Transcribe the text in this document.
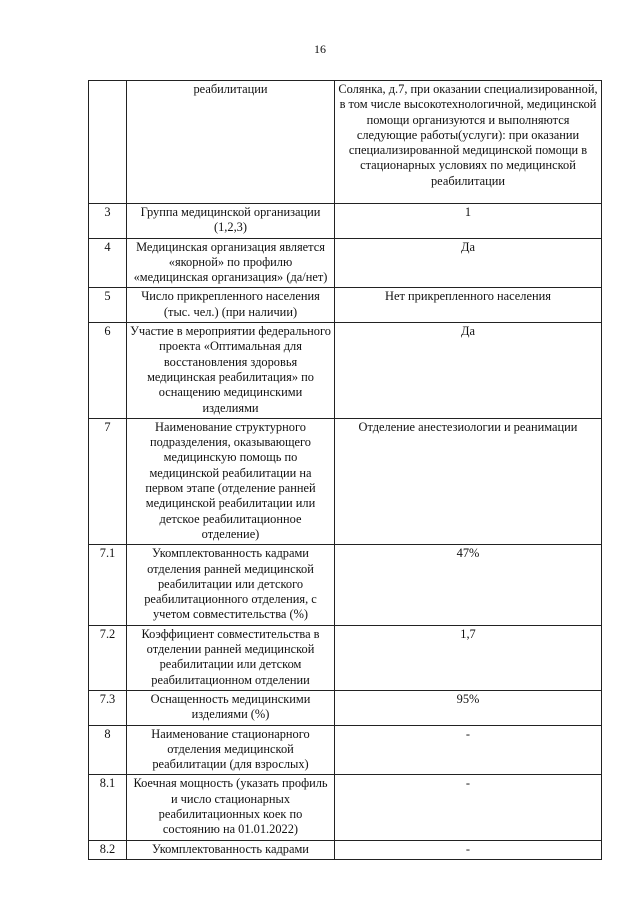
16
	реабилитации	Солянка, д.7, при оказании специализированной, в том числе высокотехнологичной, медицинской помощи организуются и выполняются следующие работы(услуги): при оказании специализированной медицинской помощи в стационарных условиях по медицинской реабилитации
3	Группа медицинской организации (1,2,3)	1
4	Медицинская организация является «якорной» по профилю «медицинская организация» (да/нет)	Да
5	Число прикрепленного населения (тыс. чел.) (при наличии)	Нет прикрепленного населения
6	Участие в мероприятии федерального проекта «Оптимальная для восстановления здоровья медицинская реабилитация» по оснащению медицинскими изделиями	Да
7	Наименование структурного подразделения, оказывающего медицинскую помощь по медицинской реабилитации на первом этапе (отделение ранней медицинской реабилитации или детское реабилитационное отделение)	Отделение анестезиологии и реанимации
7.1	Укомплектованность кадрами отделения ранней медицинской реабилитации или детского реабилитационного отделения, с учетом совместительства (%)	47%
7.2	Коэффициент совместительства в отделении ранней медицинской реабилитации или детском реабилитационном отделении	1,7
7.3	Оснащенность медицинскими изделиями (%)	95%
8	Наименование стационарного отделения медицинской реабилитации (для взрослых)	-
8.1	Коечная мощность (указать профиль и число стационарных реабилитационных коек по состоянию на 01.01.2022)	-
8.2	Укомплектованность кадрами	-
